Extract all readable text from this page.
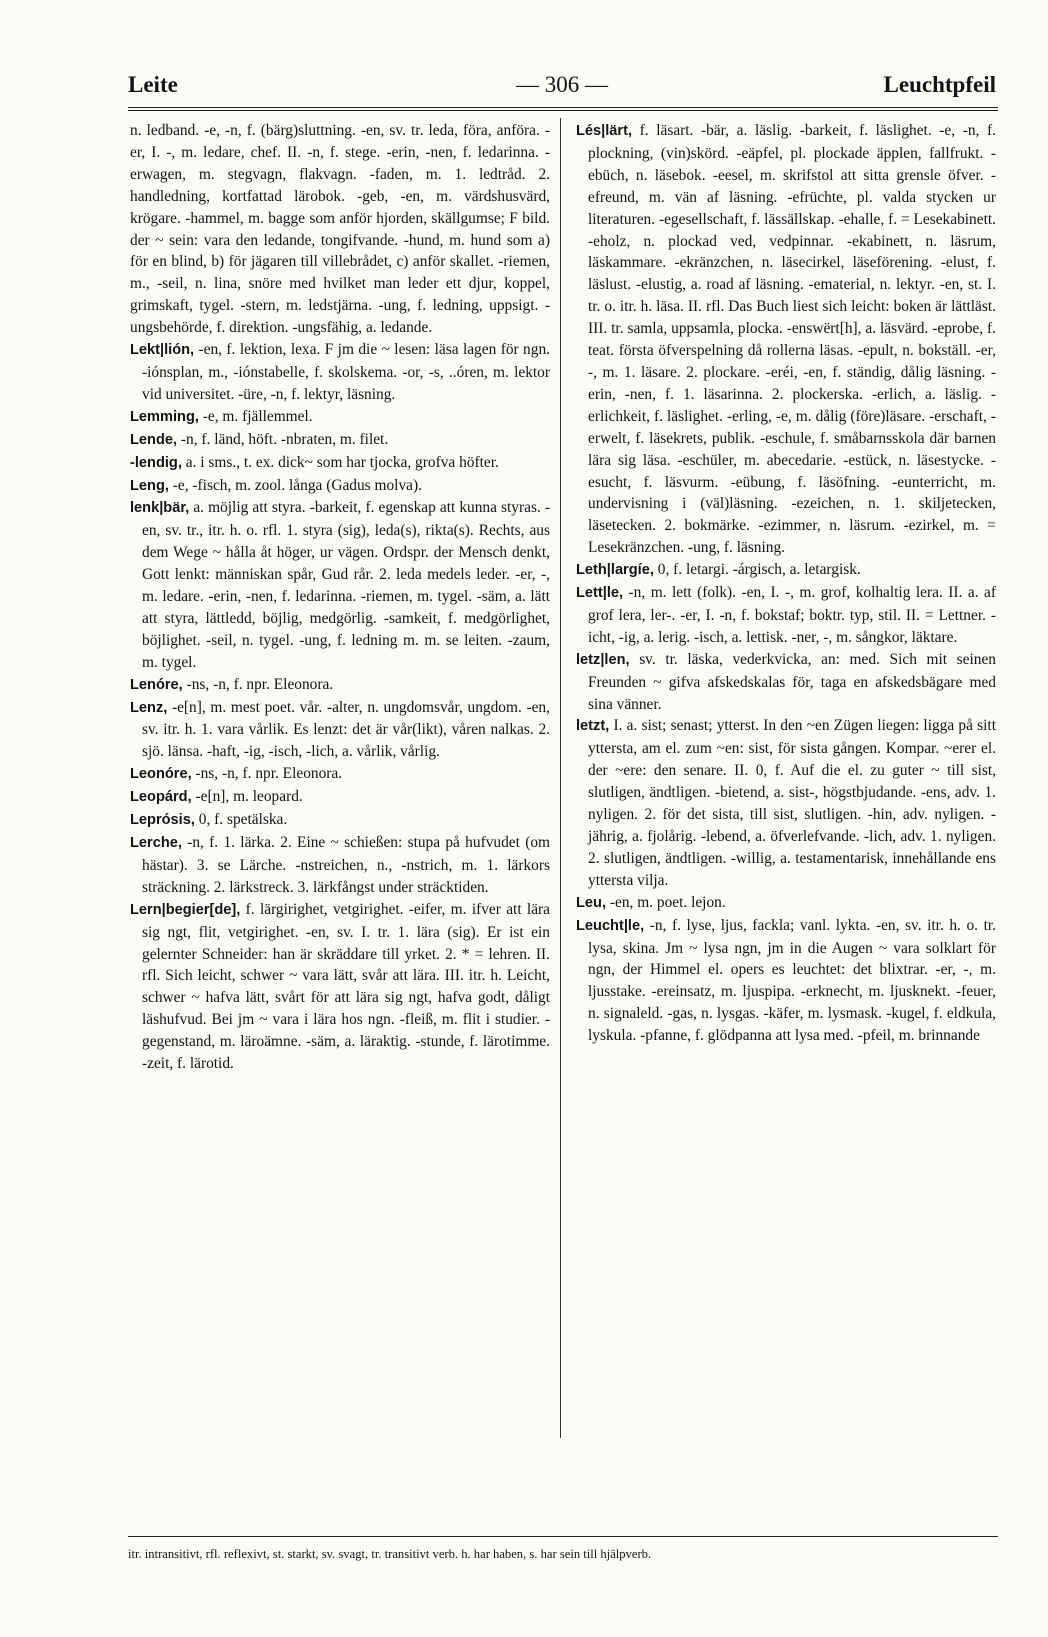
Leite	— 306 —	Leuchtpfeil
n. ledband. -e, -n, f. (bärg)sluttning. -en, sv. tr. leda, föra, anföra. -er, I. -, m. ledare, chef. II. -n, f. stege. -erin, -nen, f. ledarinna. -erwagen, m. stegvagn, flakvagn. -faden, m. 1. ledtråd. 2. handledning, kortfattad lärobok. -geb, -en, m. värdshusvärd, krögare. -hammel, m. bagge som anför hjorden, skällgumse; F bild. der ~ sein: vara den ledande, tongifvande. -hund, m. hund som a) för en blind, b) för jägaren till villebrådet, c) anför skallet. -riemen, m., -seil, n. lina, snöre med hvilket man leder ett djur, koppel, grimskaft, tygel. -stern, m. ledstjärna. -ung, f. ledning, uppsigt. -ungsbehörde, f. direktion. -ungsfähig, a. ledande.
Lekt|lión, -en, f. lektion, lexa. F jm die ~ lesen: läsa lagen för ngn. -iónsplan, m., -iónstabelle, f. skolskema. -or, -s, ..óren, m. lektor vid universitet. -üre, -n, f. lektyr, läsning.
Lemming, -e, m. fjällemmel.
Lende, -n, f. länd, höft. -nbraten, m. filet.
-lendig, a. i sms., t. ex. dick~ som har tjocka, grofva höfter.
Leng, -e, -fisch, m. zool. långa (Gadus molva).
lenk|bär, a. möjlig att styra. -barkeit, f. egenskap att kunna styras. -en, sv. tr., itr. h. o. rfl. 1. styra (sig), leda(s), rikta(s). Rechts, aus dem Wege ~ hålla åt höger, ur vägen. Ordspr. der Mensch denkt, Gott lenkt: människan spår, Gud rår. 2. leda medels leder. -er, -, m. ledare. -erin, -nen, f. ledarinna. -riemen, m. tygel. -säm, a. lätt att styra, lättledd, böjlig, medgörlig. -samkeit, f. medgörlighet, böjlighet. -seil, n. tygel. -ung, f. ledning m. m. se leiten. -zaum, m. tygel.
Lenóre, -ns, -n, f. npr. Eleonora.
Lenz, -e[n], m. mest poet. vår. -alter, n. ungdomsvår, ungdom. -en, sv. itr. h. 1. vara vårlik. Es lenzt: det är vår(likt), våren nalkas. 2. sjö. länsa. -haft, -ig, -isch, -lich, a. vårlik, vårlig.
Leonóre, -ns, -n, f. npr. Eleonora.
Leopárd, -e[n], m. leopard.
Leprósis, 0, f. spetälska.
Lerche, -n, f. 1. lärka. 2. Eine ~ schießen: stupa på hufvudet (om hästar). 3. se Lärche. -nstreichen, n., -nstrich, m. 1. lärkors sträckning. 2. lärkstreck. 3. lärkfångst under sträcktiden.
Lern|begier[de], f. lärgirighet, vetgirighet. -eifer, m. ifver att lära sig ngt, flit, vetgirighet. -en, sv. I. tr. 1. lära (sig). Er ist ein gelernter Schneider: han är skräddare till yrket. 2. * = lehren. II. rfl. Sich leicht, schwer ~ vara lätt, svår att lära. III. itr. h. Leicht, schwer ~ hafva lätt, svårt för att lära sig ngt, hafva godt, dåligt läshufvud. Bei jm ~ vara i lära hos ngn. -fleiß, m. flit i studier. -gegenstand, m. läroämne. -säm, a. läraktig. -stunde, f. lärotimme. -zeit, f. lärotid.
Lés|lärt, f. läsart. -bär, a. läslig. -barkeit, f. läslighet. -e, -n, f. plockning, (vin)skörd. -eäpfel, pl. plockade äpplen, fallfrukt. -ebüch, n. läsebok. -eesel, m. skrifstol att sitta grensle öfver. -efreund, m. vän af läsning. -efrüchte, pl. valda stycken ur literaturen. -egesellschaft, f. lässällskap. -ehalle, f. = Lesekabinett. -eholz, n. plockad ved, vedpinnar. -ekabinett, n. läsrum, läskammare. -ekränzchen, n. läsecirkel, läseförening. -elust, f. läslust. -elustig, a. road af läsning. -ematerial, n. lektyr. -en, st. I. tr. o. itr. h. läsa. II. rfl. Das Buch liest sich leicht: boken är lättläst. III. tr. samla, uppsamla, plocka. -enswërt[h], a. läsvärd. -eprobe, f. teat. första öfverspelning då rollerna läsas. -epult, n. bokställ. -er, -, m. 1. läsare. 2. plockare. -eréi, -en, f. ständig, dålig läsning. -erin, -nen, f. 1. läsarinna. 2. plockerska. -erlich, a. läslig. -erlichkeit, f. läslighet. -erling, -e, m. dålig (före)läsare. -erschaft, -erwelt, f. läsekrets, publik. -eschule, f. småbarnsskola där barnen lära sig läsa. -eschüler, m. abecedarie. -estück, n. läsestycke. -esucht, f. läsvurm. -eübung, f. läsöfning. -eunterricht, m. undervisning i (väl)läsning. -ezeichen, n. 1. skiljetecken, läsetecken. 2. bokmärke. -ezimmer, n. läsrum. -ezirkel, m. = Lesekränzchen. -ung, f. läsning.
Leth|largíe, 0, f. letargi. -árgisch, a. letargisk.
Lett|le, -n, m. lett (folk). -en, I. -, m. grof, kolhaltig lera. II. a. af grof lera, ler-. -er, I. -n, f. bokstaf; boktr. typ, stil. II. = Lettner. -icht, -ig, a. lerig. -isch, a. lettisk. -ner, -, m. sångkor, läktare.
letz|len, sv. tr. läska, vederkvicka, an: med. Sich mit seinen Freunden ~ gifva afskedskalas för, taga en afskedsbägare med sina vänner.
letzt, I. a. sist; senast; ytterst. In den ~en Zügen liegen: ligga på sitt yttersta, am el. zum ~en: sist, för sista gången. Kompar. ~erer el. der ~ere: den senare. II. 0, f. Auf die el. zu guter ~ till sist, slutligen, ändtligen. -bietend, a. sist-, högstbjudande. -ens, adv. 1. nyligen. 2. för det sista, till sist, slutligen. -hin, adv. nyligen. -jährig, a. fjolårig. -lebend, a. öfverlefvande. -lich, adv. 1. nyligen. 2. slutligen, ändtligen. -willig, a. testamentarisk, innehållande ens yttersta vilja.
Leu, -en, m. poet. lejon.
Leucht|le, -n, f. lyse, ljus, fackla; vanl. lykta. -en, sv. itr. h. o. tr. lysa, skina. Jm ~ lysa ngn, jm in die Augen ~ vara solklart för ngn, der Himmel el. opers es leuchtet: det blixtrar. -er, -, m. ljusstake. -ereinsatz, m. ljuspipa. -erknecht, m. ljusknekt. -feuer, n. signaleld. -gas, n. lysgas. -käfer, m. lysmask. -kugel, f. eldkula, lyskula. -pfanne, f. glödpanna att lysa med. -pfeil, m. brinnande
itr. intransitivt, rfl. reflexivt, st. starkt, sv. svagt, tr. transitivt verb. h. har haben, s. har sein till hjälpverb.
